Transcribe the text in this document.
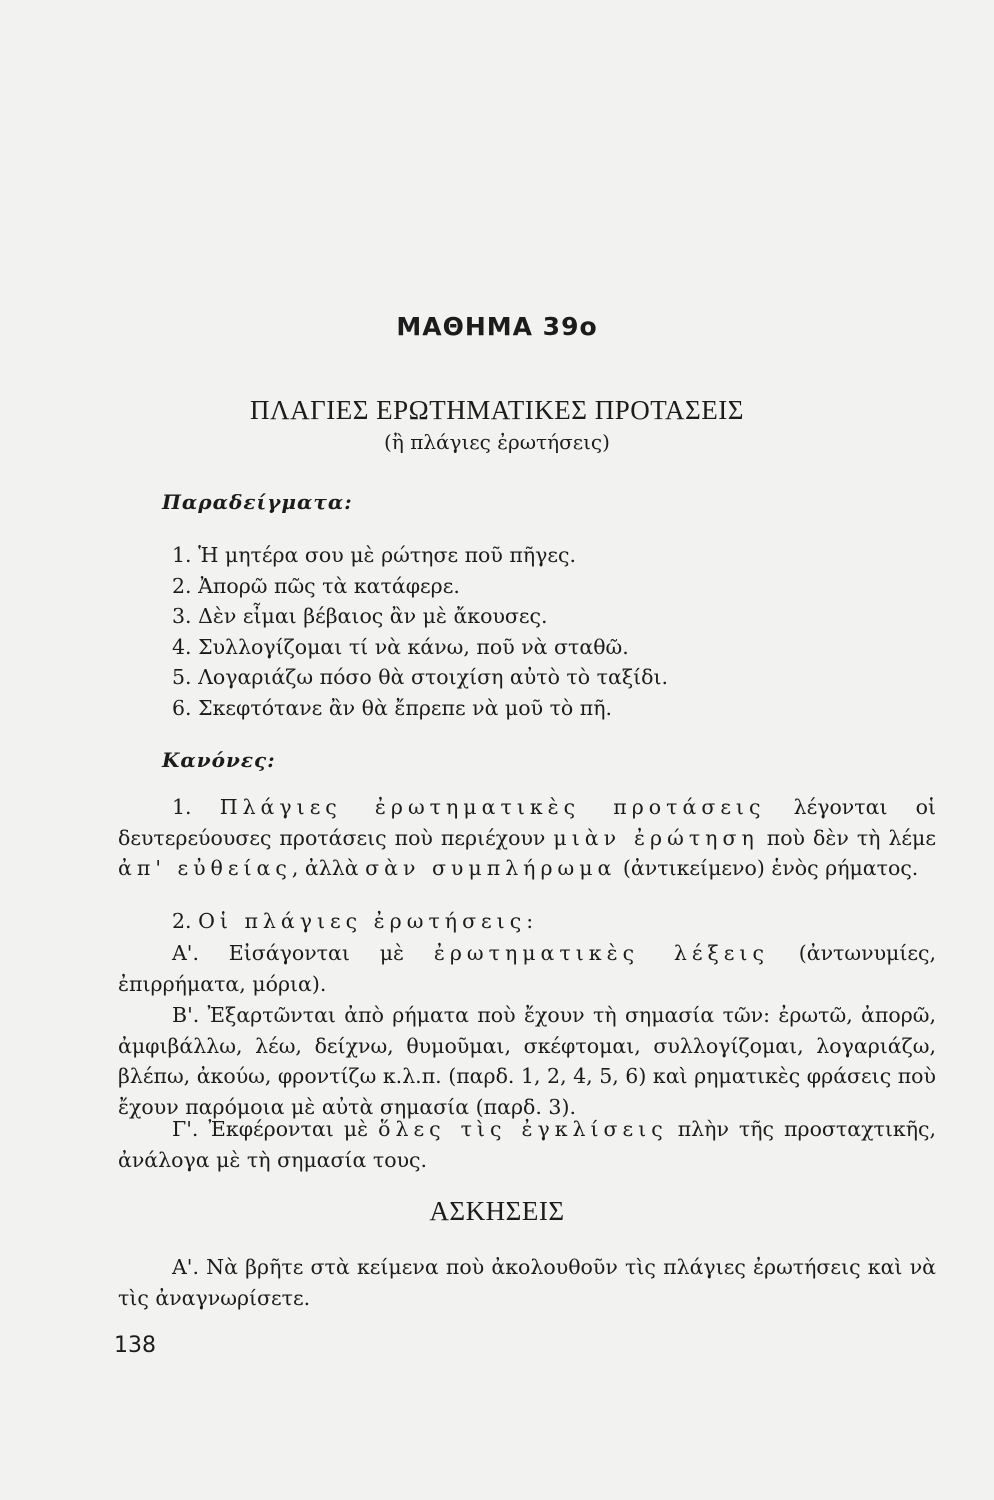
ΜΑΘΗΜΑ 39ο
ΠΛΑΓΙΕΣ ΕΡΩΤΗΜΑΤΙΚΕΣ ΠΡΟΤΑΣΕΙΣ
(ἢ πλάγιες ἐρωτήσεις)
Παραδείγματα:
1. Ἡ μητέρα σου μὲ ρώτησε ποῦ πῆγες.
2. Ἀπορῶ πῶς τὰ κατάφερε.
3. Δὲν εἶμαι βέβαιος ἂν μὲ ἄκουσες.
4. Συλλογίζομαι τί νὰ κάνω, ποῦ νὰ σταθῶ.
5. Λογαριάζω πόσο θὰ στοιχίση αὐτὸ τὸ ταξίδι.
6. Σκεφτότανε ἂν θὰ ἔπρεπε νὰ μοῦ τὸ πῆ.
Κανόνες:
1. Πλάγιες ἐρωτηματικὲς προτάσεις λέγονται οἱ δευτερεύουσες προτάσεις ποὺ περιέχουν μιὰν ἐρώτηση ποὺ δὲν τὴ λέμε ἀπ' εὐθείας, ἀλλὰ σὰν συμπλήρωμα (ἀντικείμενο) ἑνὸς ρήματος.
2. Οἱ πλάγιες ἐρωτήσεις:
Α'. Εἰσάγονται μὲ ἐρωτηματικὲς λέξεις (ἀντωνυμίες, ἐπιρρήματα, μόρια).
Β'. Ἐξαρτῶνται ἀπὸ ρήματα ποὺ ἔχουν τὴ σημασία τῶν: ἐρωτῶ, ἀπορῶ, ἀμφιβάλλω, λέω, δείχνω, θυμοῦμαι, σκέφτομαι, συλλογίζομαι, λογαριάζω, βλέπω, ἀκούω, φροντίζω κ.λ.π. (παρδ. 1, 2, 4, 5, 6) καὶ ρηματικὲς φράσεις ποὺ ἔχουν παρόμοια μὲ αὐτὰ σημασία (παρδ. 3).
Γ'. Ἐκφέρονται μὲ ὅλες τὶς ἐγκλίσεις πλὴν τῆς προσταχτικῆς, ἀνάλογα μὲ τὴ σημασία τους.
ΑΣΚΗΣΕΙΣ
Α'. Νὰ βρῆτε στὰ κείμενα ποὺ ἀκολουθοῦν τὶς πλάγιες ἐρωτήσεις καὶ νὰ τὶς ἀναγνωρίσετε.
138
